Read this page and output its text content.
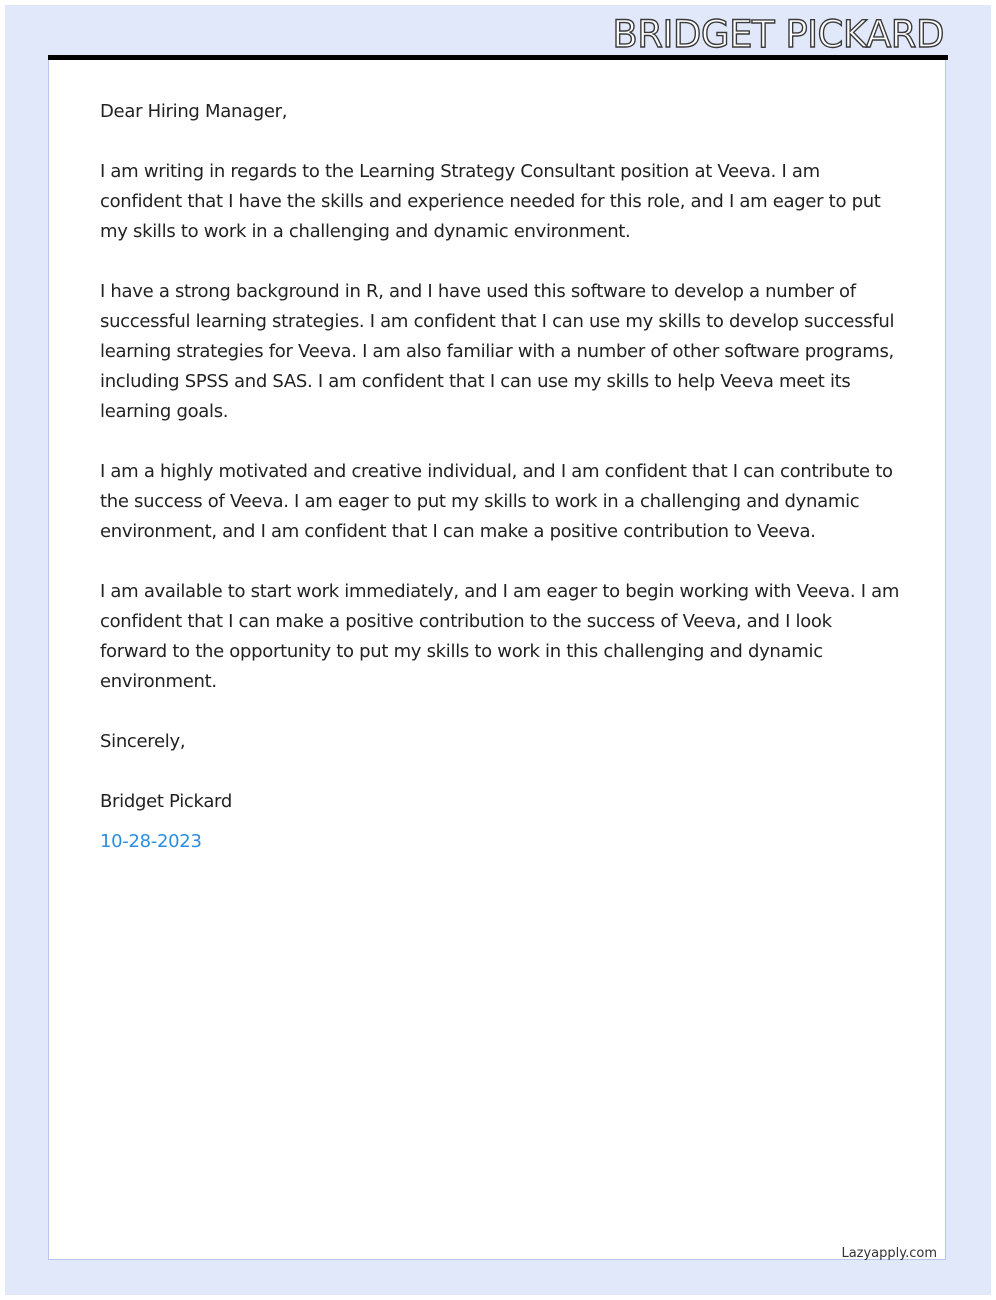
BRIDGET PICKARD

Dear Hiring Manager,

I am writing in regards to the Learning Strategy Consultant position at Veeva. I am confident that I have the skills and experience needed for this role, and I am eager to put my skills to work in a challenging and dynamic environment.

I have a strong background in R, and I have used this software to develop a number of successful learning strategies. I am confident that I can use my skills to develop successful learning strategies for Veeva. I am also familiar with a number of other software programs, including SPSS and SAS. I am confident that I can use my skills to help Veeva meet its learning goals.

I am a highly motivated and creative individual, and I am confident that I can contribute to the success of Veeva. I am eager to put my skills to work in a challenging and dynamic environment, and I am confident that I can make a positive contribution to Veeva.

I am available to start work immediately, and I am eager to begin working with Veeva. I am confident that I can make a positive contribution to the success of Veeva, and I look forward to the opportunity to put my skills to work in this challenging and dynamic environment.

Sincerely,

Bridget Pickard

10-28-2023

Lazyapply.com
